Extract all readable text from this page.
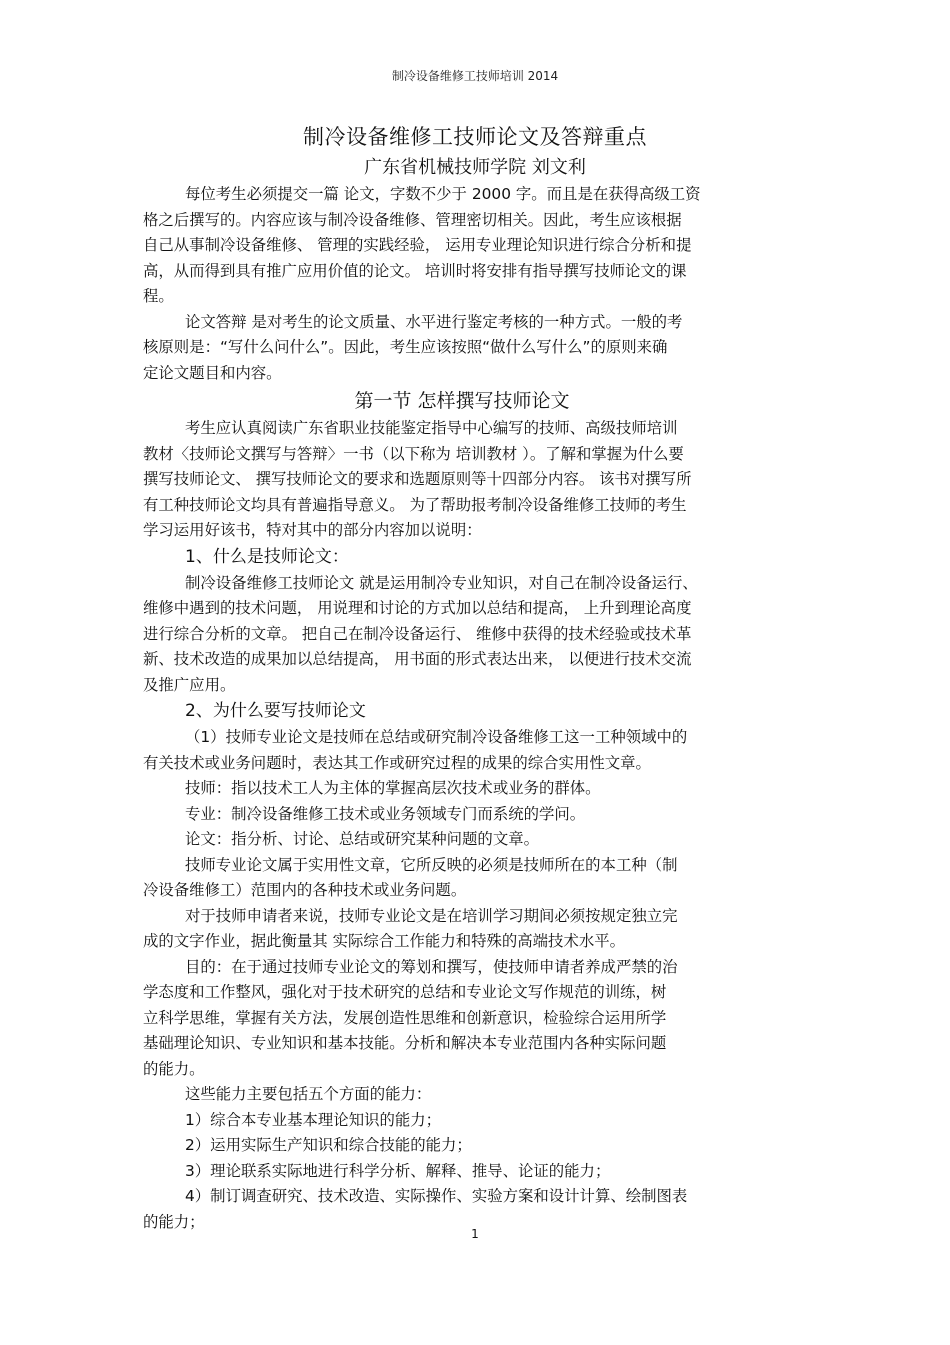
制冷设备维修工技师培训 2014
制冷设备维修工技师论文及答辩重点
广东省机械技师学院 刘文利
每位考生必须提交一篇 论文，字数不少于 2000 字。而且是在获得高级工资
格之后撰写的。内容应该与制冷设备维修、管理密切相关。因此，考生应该根据
自己从事制冷设备维修、 管理的实践经验， 运用专业理论知识进行综合分析和提
高，从而得到具有推广应用价值的论文。 培训时将安排有指导撰写技师论文的课
程。
论文答辩 是对考生的论文质量、水平进行鉴定考核的一种方式。一般的考
核原则是：“写什么问什么”。因此，考生应该按照“做什么写什么”的原则来确
定论文题目和内容。
第一节 怎样撰写技师论文
考生应认真阅读广东省职业技能鉴定指导中心编写的技师、高级技师培训
教材〈技师论文撰写与答辩〉一书（以下称为 培训教材 ）。了解和掌握为什么要
撰写技师论文、 撰写技师论文的要求和选题原则等十四部分内容。 该书对撰写所
有工种技师论文均具有普遍指导意义。 为了帮助报考制冷设备维修工技师的考生
学习运用好该书，特对其中的部分内容加以说明：
1、什么是技师论文：
制冷设备维修工技师论文 就是运用制冷专业知识，对自己在制冷设备运行、
维修中遇到的技术问题， 用说理和讨论的方式加以总结和提高， 上升到理论高度
进行综合分析的文章。 把自己在制冷设备运行、 维修中获得的技术经验或技术革
新、技术改造的成果加以总结提高， 用书面的形式表达出来， 以便进行技术交流
及推广应用。
2、为什么要写技师论文
（1）技师专业论文是技师在总结或研究制冷设备维修工这一工种领域中的
有关技术或业务问题时，表达其工作或研究过程的成果的综合实用性文章。
技师：指以技术工人为主体的掌握高层次技术或业务的群体。
专业：制冷设备维修工技术或业务领域专门而系统的学问。
论文：指分析、讨论、总结或研究某种问题的文章。
技师专业论文属于实用性文章，它所反映的必须是技师所在的本工种（制
冷设备维修工）范围内的各种技术或业务问题。
对于技师申请者来说，技师专业论文是在培训学习期间必须按规定独立完
成的文字作业，据此衡量其 实际综合工作能力和特殊的高端技术水平。
目的：在于通过技师专业论文的筹划和撰写，使技师申请者养成严禁的治
学态度和工作整风，强化对于技术研究的总结和专业论文写作规范的训练，树
立科学思维，掌握有关方法，发展创造性思维和创新意识，检验综合运用所学
基础理论知识、专业知识和基本技能。分析和解决本专业范围内各种实际问题
的能力。
这些能力主要包括五个方面的能力：
1）综合本专业基本理论知识的能力；
2）运用实际生产知识和综合技能的能力；
3）理论联系实际地进行科学分析、解释、推导、论证的能力；
4）制订调查研究、技术改造、实际操作、实验方案和设计计算、绘制图表
的能力；
1
